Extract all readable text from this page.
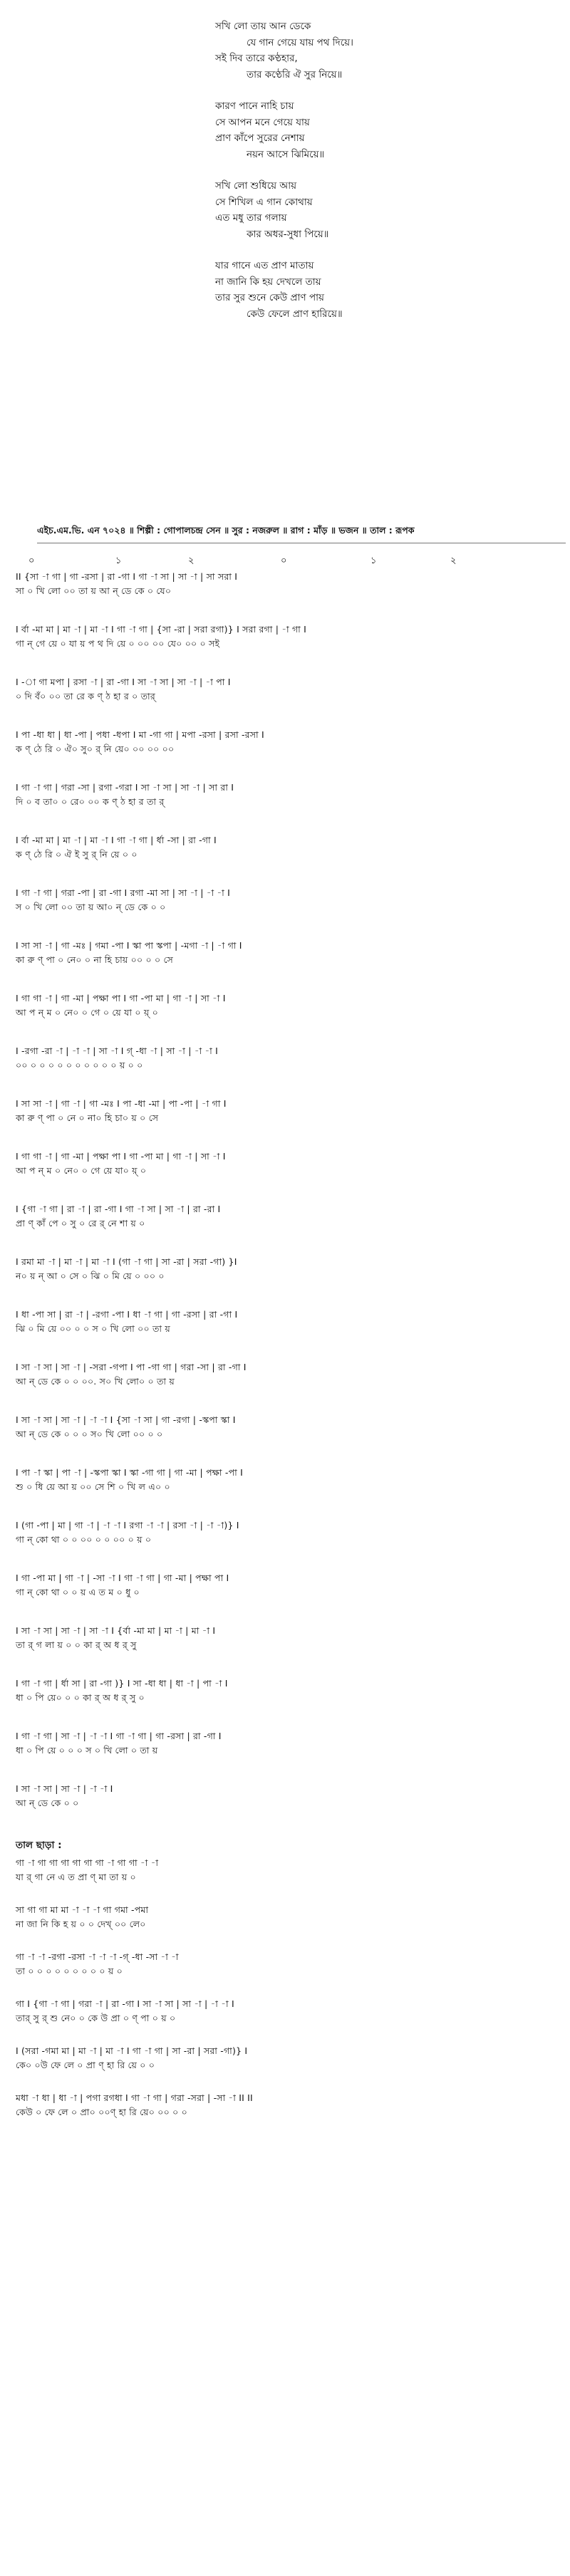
সখি লো তায় আন ডেকে
যে গান গেয়ে যায় পথ দিয়ে।
সই দিব তারে কণ্ঠহার,
তার কণ্ঠেরি ঐ সুর নিয়ে॥
কারণ পানে নাহি চায়
সে আপন মনে গেয়ে যায়
প্রাণ কাঁপে সুরের নেশায়
নয়ন আসে ঝিমিয়ে॥
সখি লো শুধিয়ে আয়
সে শিখিল এ গান কোথায়
এত মধু তার গলায়
কার অধর-সুধা পিয়ে॥
যার গানে এত প্রাণ মাতায়
না জানি কি হয় দেখলে তায়
তার সুর শুনে কেউ প্রাণ পায়
কেউ ফেলে প্রাণ হারিয়ে॥
এইচ.এম.ভি. এন ৭০২৪ ॥ শিল্পী : গোপালচন্দ্র সেন ॥ সুর : নজরুল ॥ রাগ : মাঁড় ॥ ভজন ॥ তাল : রূপক
০	১	২	০	১	২
II {সা -া গা | গা -রসা | রা -গা I গা -া সা | সা -া | সা সরা I
সা ০ খি লো ০০ তা য় আ ন্ ডে কে ০ যে০
I র্বা -মা মা | মা -া | মা -া I গা -া গা | {সা -রা | সরা রগা)} I সরা রগা | -া গা I
গা ন্ গে য়ে ০ যা য় প থ দি য়ে ০ ০০ ০০ যে০ ০০ ০ সই
I -া গা মপা | রসা -া | রা -গা I সা -া সা | সা -া | -া পা I
০ দি বঁ০ ০০ তা রে ক ণ্ ঠ হা র ০ তার্
I পা -ধা ধা | ধা -পা | পধা -ধপা I মা -গা গা | মপা -রসা | রসা -রসা I
ক ণ্ ঠে রি ০ ঐ০ সু০ র্ নি য়ে০ ০০ ০০ ০০
I গা -া গা | গরা -সা | রগা -গরা I সা -া সা | সা -া | সা রা I
দি ০ ব তা০ ০ রে০ ০০ ক ণ্ ঠ হা র তা র্
I র্বা -মা মা | মা -া | মা -া I গা -া গা | র্ধা -সা | রা -গা I
ক ণ্ ঠে রি ০ ঐ ই সু র্ নি য়ে ০ ০
I গা -া গা | গরা -পা | রা -গা I রগা -মা সা | সা -া | -া -া I
স ০ খি লো ০০ তা য় আ০ ন্ ডে কে ০ ০
I সা সা -া | গা -মঃ | গমা -পা I স্কা পা স্কপা | -মগা -া | -া গা I
কা রু ণ্ পা ০ নে০ ০ না হি চায় ০০ ০ ০ সে
I গা গা -া | গা -মা | পক্ষা পা I গা -পা মা | গা -া | সা -া I
আ প ন্ ম ০ নে০ ০ গে ০ য়ে যা ০ য়্ ০
I -রগা -রা -া | -া -া | সা -া I গ্ -ধা -া | সা -া | -া -া I
০০ ০ ০ ০ ০ ০ ০ ০ ০ ০ ০ য় ০ ০
I সা সা -া | গা -া | গা -মঃ I পা -ধা -মা | পা -পা | -া গা I
কা রু ণ্ পা ০ নে ০ না০ হি চা০ য় ০ সে
I গা গা -া | গা -মা | পক্ষা পা I গা -পা মা | গা -া | সা -া I
আ প ন্ ম ০ নে০ ০ গে য়ে যা০ য়্ ০
I {গা -া গা | রা -া | রা -গা I গা -া সা | সা -া | রা -রা I
প্রা ণ্ কাঁ পে ০ সু ০ রে র্ নে শা য় ০
I রমা মা -া | মা -া | মা -া I (গা -া গা | সা -রা | সরা -গা) }I
ন০ য় ন্ আ ০ সে ০ ঝি ০ মি য়ে ০ ০০ ০
I ধা -পা সা | রা -া | -রগা -পা I ধা -া গা | গা -রসা | রা -গা I
ঝি ০ মি য়ে ০০ ০ ০ স ০ খি লো ০০ তা য়
I সা -া সা | সা -া | -সরা -গপা I পা -গা গা | গরা -সা | রা -গা I
আ ন্ ডে কে ০ ০ ০০. স০ খি লো০ ০ তা য়
I সা -া সা | সা -া | -া -া I {সা -া সা | গা -রগা | -স্কপা স্কা I
আ ন্ ডে কে ০ ০ ০ স০ খি লো ০০ ০ ০
I পা -া স্কা | পা -া | -স্কপা স্কা I স্কা -গা গা | গা -মা | পক্ষা -পা I
শু ০ ধি য়ে আ য় ০০ সে শি ০ খি ল এ০ ০
I (গা -পা | মা | গা -া | -া -া I রগা -া -া | রসা -া | -া -া)} I
গা ন্ কো থা ০ ০ ০০ ০ ০ ০০ ০ য় ০
I গা -পা মা | গা -া | -সা -া I গা -া গা | গা -মা | পক্ষা পা I
গা ন্ কো থা ০ ০ য় এ ত ম ০ ধু ০
I সা -া সা | সা -া | সা -া I {র্বা -মা মা | মা -া | মা -া I
তা র্ গ লা য় ০ ০ কা র্ অ ধ র্ সু
I গা -া গা | র্ধা সা | রা -গা )} I সা -ধা ধা | ধা -া | পা -া I
ধা ০ পি য়ে০ ০ ০ কা র্ অ ধ র্ সু ০
I গা -া গা | সা -া | -া -া I গা -া গা | গা -রসা | রা -গা I
ধা ০ পি য়ে ০ ০ ০ স ০ খি লো ০ তা য়
I সা -া সা | সা -া | -া -া I
আ ন্ ডে কে ০ ০
তাল ছাড়া :
গা -া গা গা গা গা গা গা -া গা গা -া -া
যা র্ গা নে এ ত প্রা ণ্ মা তা য় ০
সা গা গা মা মা -া -া -া গা গমা -পমা
না জা নি কি হ য় ০ ০ দেখ্ ০০ লে০
গা -া -া -রগা -রসা -া -া -া -গ্ -ধা -সা -া -া
তা ০ ০ ০ ০ ০ ০ ০ ০ ০ য় ০
গা I {গা -া গা | গরা -া | রা -গা I সা -া সা | সা -া | -া -া I
তার্ সু র্ শু নে০ ০ কে উ প্রা ০ ণ্ পা ০ য় ০
I (সরা -গমা মা | মা -া | মা -া I গা -া গা | সা -রা | সরা -গা)} I
কে০ ০উ ফে লে ০ প্রা ণ্ হা রি য়ে ০ ০
মধা -া ধা | ধা -া | পগা রগধা I গা -া গা | গরা -সরা | -সা -া II II
কেউ ০ ফে লে ০ প্রা০ ০০ণ্ হা রি য়ে০ ০০ ০ ০
